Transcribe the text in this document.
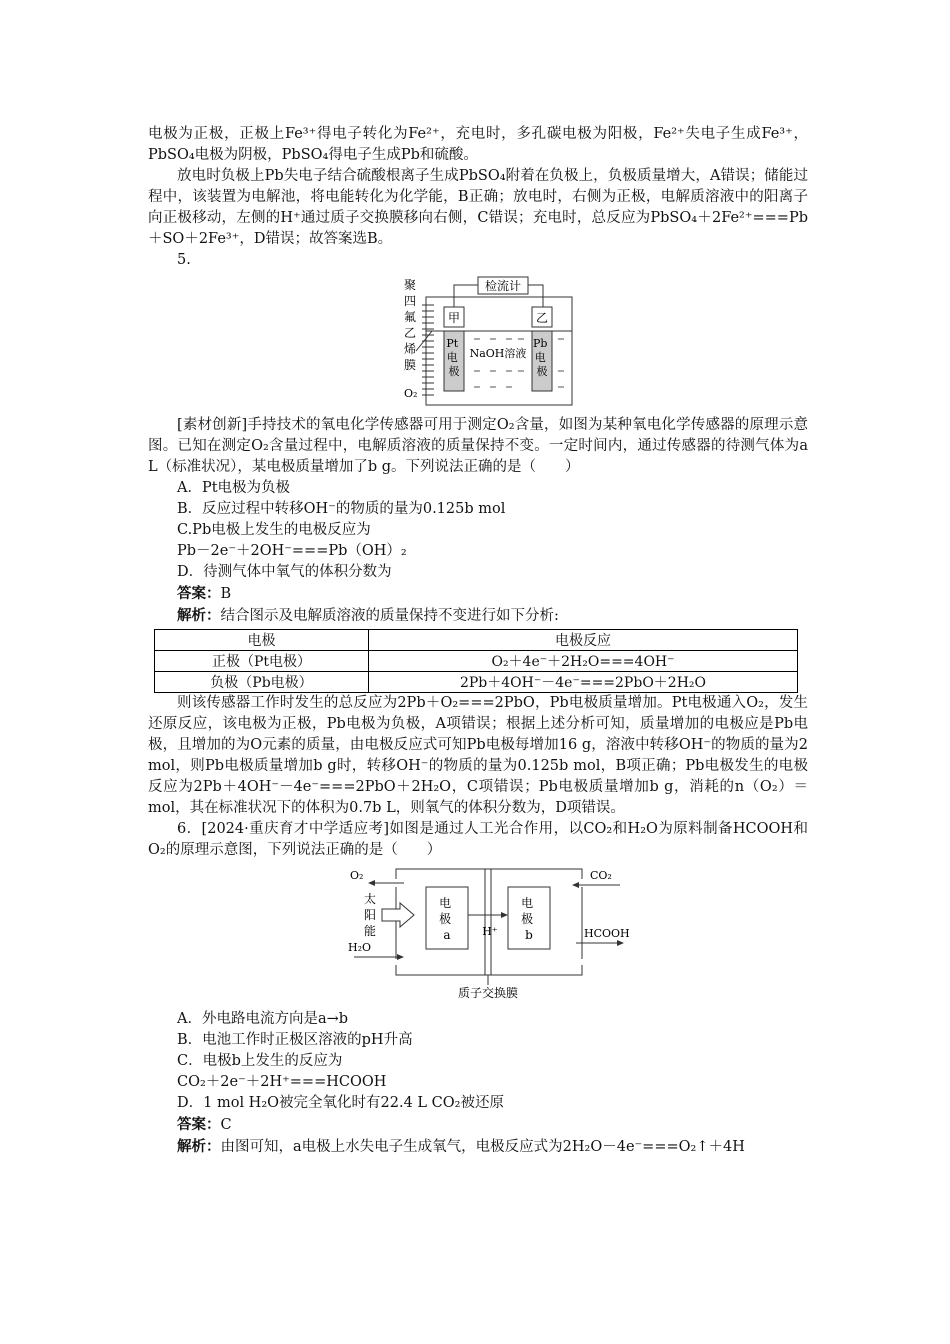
电极为正极，正极上Fe³⁺得电子转化为Fe²⁺，充电时，多孔碳电极为阳极，Fe²⁺失电子生成Fe³⁺，PbSO₄电极为阴极，PbSO₄得电子生成Pb和硫酸。

放电时负极上Pb失电子结合硫酸根离子生成PbSO₄附着在负极上，负极质量增大，A错误；储能过程中，该装置为电解池，将电能转化为化学能，B正确；放电时，右侧为正极，电解质溶液中的阳离子向正极移动，左侧的H⁺通过质子交换膜移向右侧，C错误；充电时，总反应为PbSO₄＋2Fe²⁺===Pb＋SO＋2Fe³⁺，D错误；故答案选B。

5.

检流计
聚 四 氟 乙 烯 膜
O₂
甲	乙
Pt 电 极
Pb 电 极
NaOH溶液

[素材创新]手持技术的氧电化学传感器可用于测定O₂含量，如图为某种氧电化学传感器的原理示意图。已知在测定O₂含量过程中，电解质溶液的质量保持不变。一定时间内，通过传感器的待测气体为a L（标准状况），某电极质量增加了b g。下列说法正确的是（　　）

A．Pt电极为负极

B．反应过程中转移OH⁻的物质的量为0.125b mol

C.Pb电极上发生的电极反应为

Pb－2e⁻＋2OH⁻===Pb（OH）₂

D．待测气体中氧气的体积分数为

答案：B

解析：结合图示及电解质溶液的质量保持不变进行如下分析:

电极	电极反应
正极（Pt电极）	O₂＋4e⁻＋2H₂O===4OH⁻
负极（Pb电极）	2Pb＋4OH⁻－4e⁻===2PbO＋2H₂O

则该传感器工作时发生的总反应为2Pb＋O₂===2PbO，Pb电极质量增加。Pt电极通入O₂，发生还原反应，该电极为正极，Pb电极为负极，A项错误；根据上述分析可知，质量增加的电极应是Pb电极，且增加的为O元素的质量，由电极反应式可知Pb电极每增加16 g，溶液中转移OH⁻的物质的量为2 mol，则Pb电极质量增加b g时，转移OH⁻的物质的量为0.125b mol，B项正确；Pb电极发生的电极反应为2Pb＋4OH⁻－4e⁻===2PbO＋2H₂O，C项错误；Pb电极质量增加b g，消耗的n（O₂）＝ mol，其在标准状况下的体积为0.7b L，则氧气的体积分数为，D项错误。

6．[2024·重庆育才中学适应考]如图是通过人工光合作用，以CO₂和H₂O为原料制备HCOOH和O₂的原理示意图，下列说法正确的是（　　）

质子交换膜
电 极 a
电 极 b
H⁺
O₂
太 阳 能
H₂O
CO₂
HCOOH

A．外电路电流方向是a→b

B．电池工作时正极区溶液的pH升高

C．电极b上发生的反应为

CO₂＋2e⁻＋2H⁺===HCOOH

D．1 mol H₂O被完全氧化时有22.4 L CO₂被还原

答案：C

解析：由图可知，a电极上水失电子生成氧气，电极反应式为2H₂O－4e⁻===O₂↑＋4H
